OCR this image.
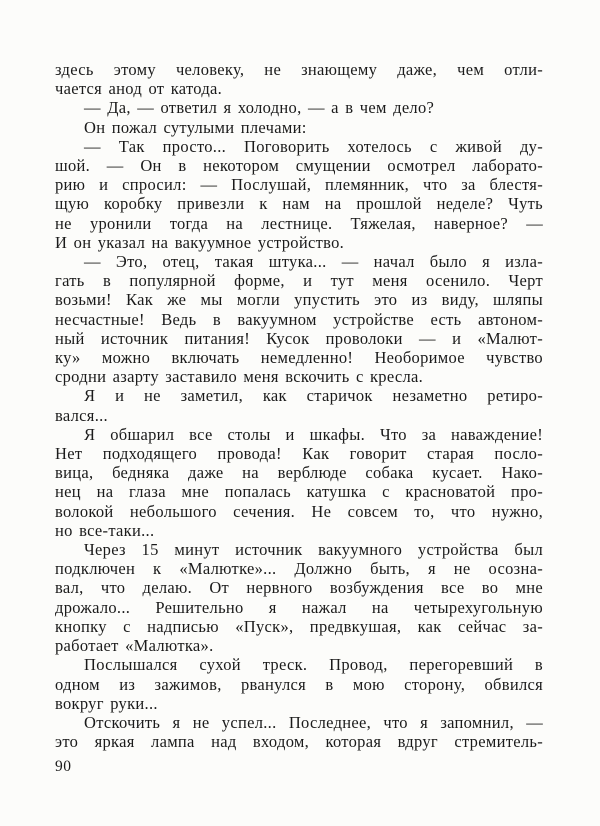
здесь этому человеку, не знающему даже, чем отли-
чается анод от катода.
— Да, — ответил я холодно, — а в чем дело?
Он пожал сутулыми плечами:
— Так просто... Поговорить хотелось с живой ду-
шой. — Он в некотором смущении осмотрел лаборато-
рию и спросил: — Послушай, племянник, что за блестя-
щую коробку привезли к нам на прошлой неделе? Чуть
не уронили тогда на лестнице. Тяжелая, наверное? —
И он указал на вакуумное устройство.
— Это, отец, такая штука... — начал было я изла-
гать в популярной форме, и тут меня осенило. Черт
возьми! Как же мы могли упустить это из виду, шляпы
несчастные! Ведь в вакуумном устройстве есть автоном-
ный источник питания! Кусок проволоки — и «Малют-
ку» можно включать немедленно! Необоримое чувство
сродни азарту заставило меня вскочить с кресла.
Я и не заметил, как старичок незаметно ретиро-
вался...
Я обшарил все столы и шкафы. Что за наваждение!
Нет подходящего провода! Как говорит старая посло-
вица, бедняка даже на верблюде собака кусает. Нако-
нец на глаза мне попалась катушка с красноватой про-
волокой небольшого сечения. Не совсем то, что нужно,
но все-таки...
Через 15 минут источник вакуумного устройства был
подключен к «Малютке»... Должно быть, я не осозна-
вал, что делаю. От нервного возбуждения все во мне
дрожало... Решительно я нажал на четырехугольную
кнопку с надписью «Пуск», предвкушая, как сейчас за-
работает «Малютка».
Послышался сухой треск. Провод, перегоревший в
одном из зажимов, рванулся в мою сторону, обвился
вокруг руки...
Отскочить я не успел... Последнее, что я запомнил, —
это яркая лампа над входом, которая вдруг стремитель-
90
